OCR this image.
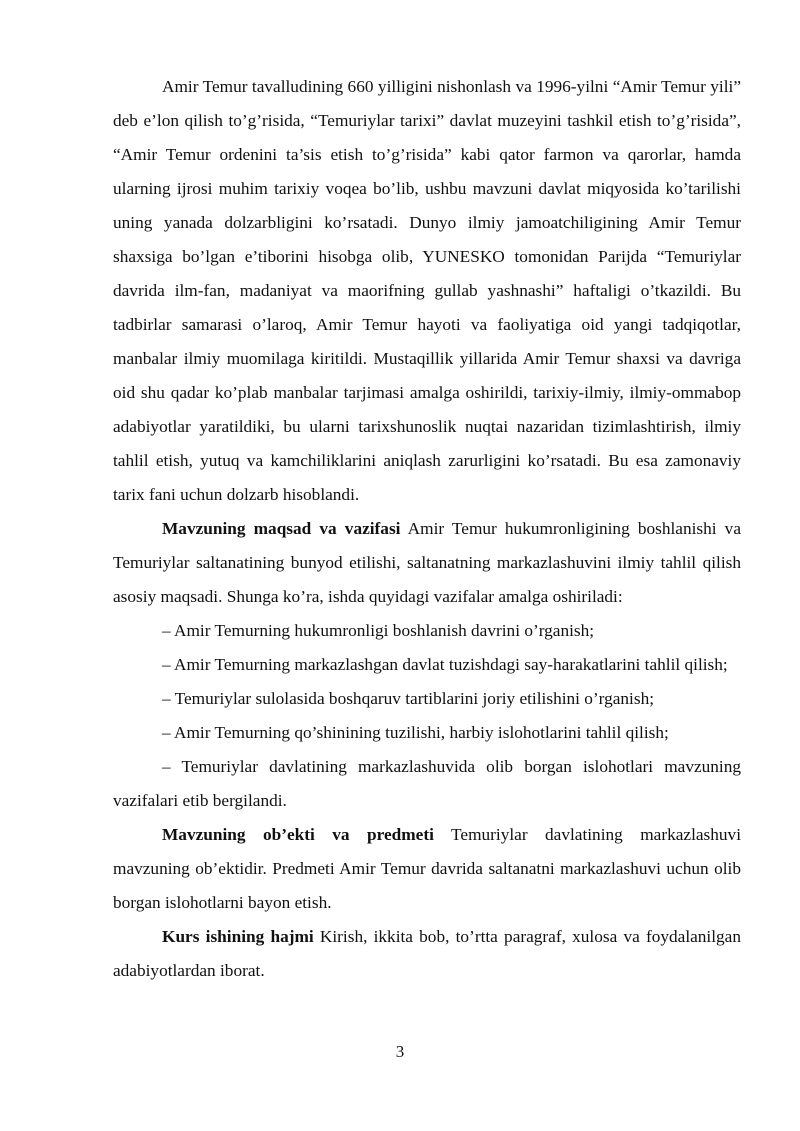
Amir Temur tavalludining 660 yilligini nishonlash va 1996-yilni “Amir Temur yili” deb e’lon qilish to’g’risida, “Temuriylar tarixi” davlat muzeyini tashkil etish to’g’risida”, “Amir Temur ordenini ta’sis etish to’g’risida” kabi qator farmon va qarorlar, hamda ularning ijrosi muhim tarixiy voqea bo’lib, ushbu mavzuni davlat miqyosida ko’tarilishi uning yanada dolzarbligini ko’rsatadi. Dunyo ilmiy jamoatchiligining Amir Temur shaxsiga bo’lgan e’tiborini hisobga olib, YUNESKO tomonidan Parijda “Temuriylar davrida ilm-fan, madaniyat va maorifning gullab yashnashi” haftaligi o’tkazildi. Bu tadbirlar samarasi o’laroq, Amir Temur hayoti va faoliyatiga oid yangi tadqiqotlar, manbalar ilmiy muomilaga kiritildi. Mustaqillik yillarida Amir Temur shaxsi va davriga oid shu qadar ko’plab manbalar tarjimasi amalga oshirildi, tarixiy-ilmiy, ilmiy-ommabop adabiyotlar yaratildiki, bu ularni tarixshunoslik nuqtai nazaridan tizimlashtirish, ilmiy tahlil etish, yutuq va kamchiliklarini aniqlash zarurligini ko’rsatadi. Bu esa zamonaviy tarix fani uchun dolzarb hisoblandi.

Mavzuning maqsad va vazifasi Amir Temur hukumronligining boshlanishi va Temuriylar saltanatining bunyod etilishi, saltanatning markazlashuvini ilmiy tahlil qilish asosiy maqsadi. Shunga ko’ra, ishda quyidagi vazifalar amalga oshiriladi:

– Amir Temurning hukumronligi boshlanish davrini o’rganish;

– Amir Temurning markazlashgan davlat tuzishdagi say-harakatlarini tahlil qilish;

– Temuriylar sulolasida boshqaruv tartiblarini joriy etilishini o’rganish;

– Amir Temurning qo’shinining tuzilishi, harbiy islohotlarini tahlil qilish;

– Temuriylar davlatining markazlashuvida olib borgan islohotlari mavzuning vazifalari etib bergilandi.

Mavzuning ob’ekti va predmeti Temuriylar davlatining markazlashuvi mavzuning ob’ektidir. Predmeti Amir Temur davrida saltanatni markazlashuvi uchun olib borgan islohotlarni bayon etish.

Kurs ishining hajmi Kirish, ikkita bob, to’rtta paragraf, xulosa va foydalanilgan adabiyotlardan iborat.

3
